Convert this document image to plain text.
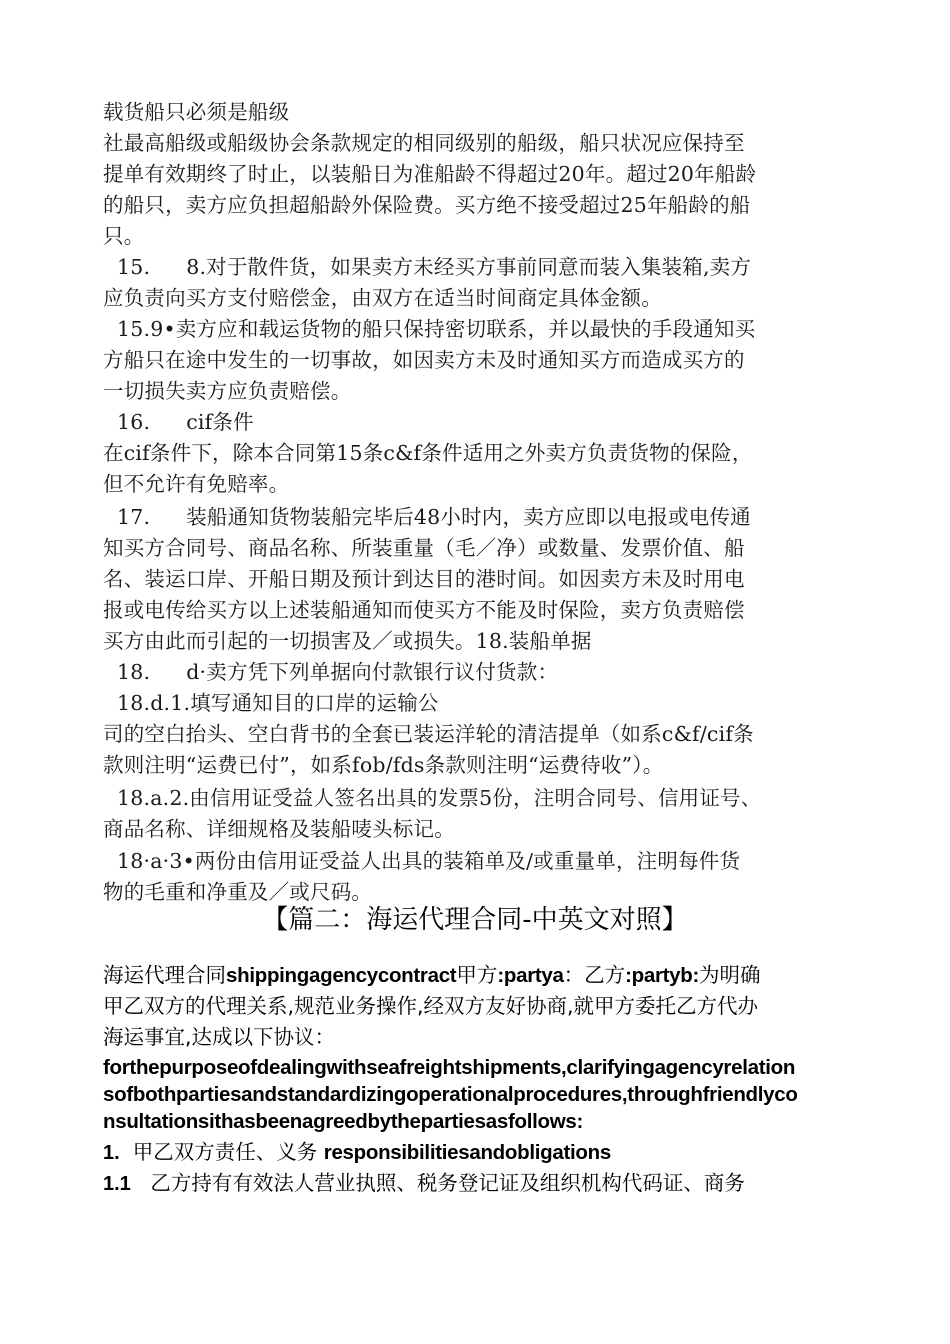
载货船只必须是船级
社最高船级或船级协会条款规定的相同级别的船级，船只状况应保持至
提单有效期终了时止，以装船日为准船龄不得超过20年。超过20年船龄
的船只，卖方应负担超船龄外保险费。买方绝不接受超过25年船龄的船
只。
15. 8.对于散件货，如果卖方未经买方事前同意而装入集装箱,卖方
应负责向买方支付赔偿金，由双方在适当时间商定具体金额。
15.9•卖方应和载运货物的船只保持密切联系，并以最快的手段通知买
方船只在途中发生的一切事故，如因卖方未及时通知买方而造成买方的
一切损失卖方应负责赔偿。
16. cif条件
在cif条件下，除本合同第15条c&f条件适用之外卖方负责货物的保险，
但不允许有免赔率。
17. 装船通知货物装船完毕后48小时内，卖方应即以电报或电传通
知买方合同号、商品名称、所装重量（毛／净）或数量、发票价值、船
名、装运口岸、开船日期及预计到达目的港时间。如因卖方未及时用电
报或电传给买方以上述装船通知而使买方不能及时保险，卖方负责赔偿
买方由此而引起的一切损害及／或损失。18.装船单据
18. d·卖方凭下列单据向付款银行议付货款：
18.d.1.填写通知目的口岸的运输公
司的空白抬头、空白背书的全套已装运洋轮的清洁提单（如系c&f/cif条
款则注明“运费已付”，如系fob/fds条款则注明“运费待收”）。
18.a.2.由信用证受益人签名出具的发票5份，注明合同号、信用证号、
商品名称、详细规格及装船唛头标记。
18·a·3•两份由信用证受益人出具的装箱单及/或重量单，注明每件货
物的毛重和净重及／或尺码。
【篇二：海运代理合同-中英文对照】
海运代理合同shippingagencycontract甲方:partya：乙方:partyb:为明确
甲乙双方的代理关系,规范业务操作,经双方友好协商,就甲方委托乙方代办
海运事宜,达成以下协议：
forthepurposeofdealingwithseafreightshipments,clarifyingagencyrelation
sofbothpartiesandstandardizingoperationalprocedures,throughfriendlyco
nsultationsithasbeenagreedbythepartiesasfollows:
1. 甲乙双方责任、义务 responsibilitiesandobligations
1.1 乙方持有有效法人营业执照、税务登记证及组织机构代码证、商务
